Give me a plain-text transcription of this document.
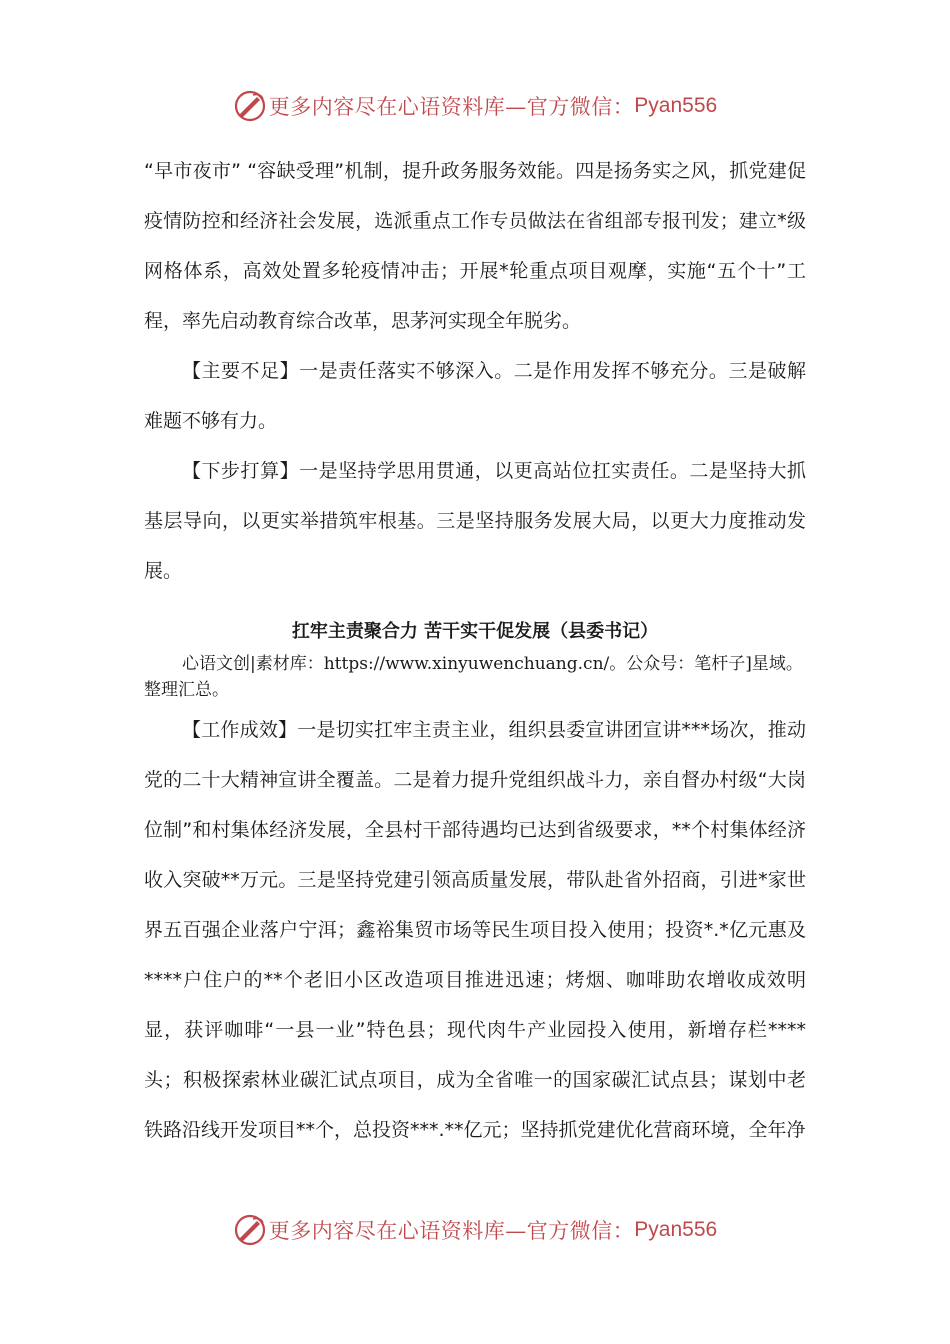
更多内容尽在心语资料库—官方微信： Pyan556

“早市夜市” “容缺受理”机制，提升政务服务效能。四是扬务实之风，抓党建促疫情防控和经济社会发展，选派重点工作专员做法在省组部专报刊发；建立*级网格体系，高效处置多轮疫情冲击；开展*轮重点项目观摩，实施“五个十”工程，率先启动教育综合改革，思茅河实现全年脱劣。

【主要不足】一是责任落实不够深入。二是作用发挥不够充分。三是破解难题不够有力。

【下步打算】一是坚持学思用贯通，以更高站位扛实责任。二是坚持大抓基层导向，以更实举措筑牢根基。三是坚持服务发展大局，以更大力度推动发展。

扛牢主责聚合力 苦干实干促发展（县委书记）

心语文创|素材库：https://www.xinyuwenchuang.cn/。公众号：笔杆子]星域。整理汇总。

【工作成效】一是切实扛牢主责主业，组织县委宣讲团宣讲***场次，推动党的二十大精神宣讲全覆盖。二是着力提升党组织战斗力，亲自督办村级“大岗位制”和村集体经济发展，全县村干部待遇均已达到省级要求，**个村集体经济收入突破**万元。三是坚持党建引领高质量发展，带队赴省外招商，引进*家世界五百强企业落户宁洱；鑫裕集贸市场等民生项目投入使用；投资*.*亿元惠及****户住户的**个老旧小区改造项目推进迅速；烤烟、咖啡助农增收成效明显，获评咖啡“一县一业”特色县；现代肉牛产业园投入使用，新增存栏****头；积极探索林业碳汇试点项目，成为全省唯一的国家碳汇试点县；谋划中老铁路沿线开发项目**个，总投资***.**亿元；坚持抓党建优化营商环境，全年净

更多内容尽在心语资料库—官方微信： Pyan556
